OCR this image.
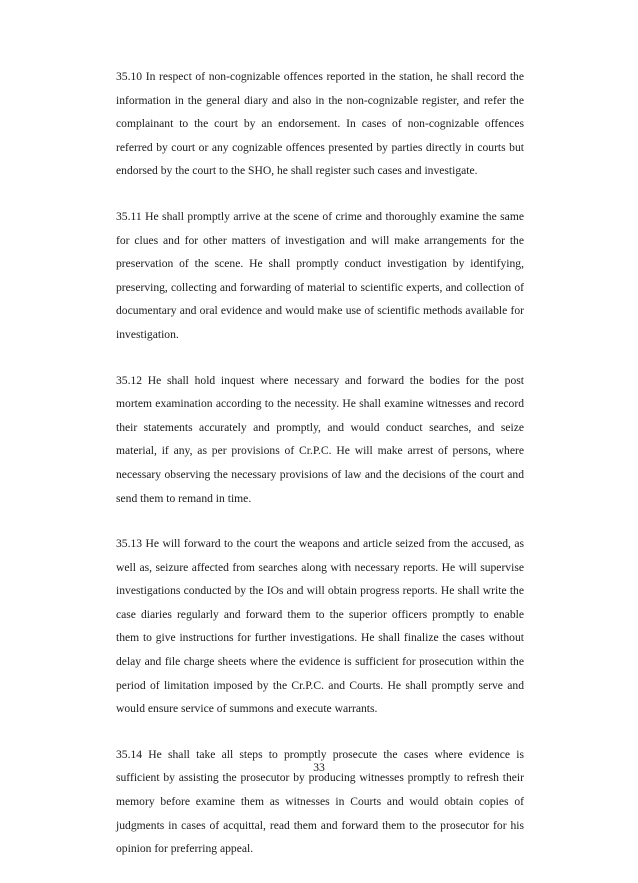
35.10 In respect of non-cognizable offences reported in the station, he shall record the information in the general diary and also in the non-cognizable register, and refer the complainant to the court by an endorsement. In cases of non-cognizable offences referred by court or any cognizable offences presented by parties directly in courts but endorsed by the court to the SHO, he shall register such cases and investigate.

35.11 He shall promptly arrive at the scene of crime and thoroughly examine the same for clues and for other matters of investigation and will make arrangements for the preservation of the scene. He shall promptly conduct investigation by identifying, preserving, collecting and forwarding of material to scientific experts, and collection of documentary and oral evidence and would make use of scientific methods available for investigation.

35.12 He shall hold inquest where necessary and forward the bodies for the post mortem examination according to the necessity. He shall examine witnesses and record their statements accurately and promptly, and would conduct searches, and seize material, if any, as per provisions of Cr.P.C. He will make arrest of persons, where necessary observing the necessary provisions of law and the decisions of the court and send them to remand in time.

35.13 He will forward to the court the weapons and article seized from the accused, as well as, seizure affected from searches along with necessary reports. He will supervise investigations conducted by the IOs and will obtain progress reports. He shall write the case diaries regularly and forward them to the superior officers promptly to enable them to give instructions for further investigations. He shall finalize the cases without delay and file charge sheets where the evidence is sufficient for prosecution within the period of limitation imposed by the Cr.P.C. and Courts. He shall promptly serve and would ensure service of summons and execute warrants.

35.14 He shall take all steps to promptly prosecute the cases where evidence is sufficient by assisting the prosecutor by producing witnesses promptly to refresh their memory before examine them as witnesses in Courts and would obtain copies of judgments in cases of acquittal, read them and forward them to the prosecutor for his opinion for preferring appeal.

33
